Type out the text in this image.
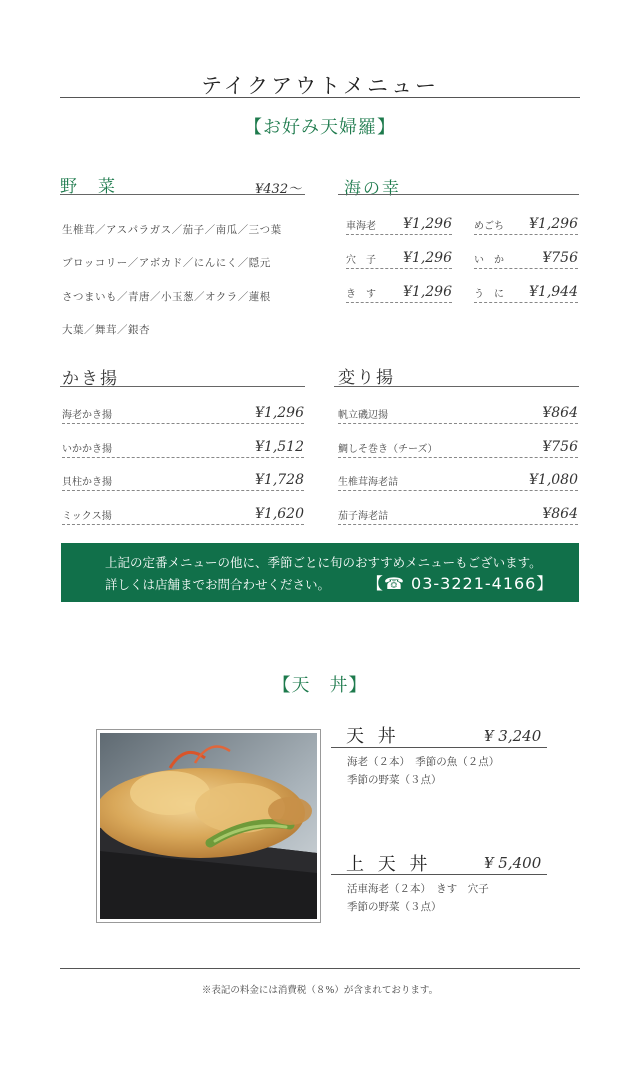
テイクアウトメニュー
【お好み天婦羅】
野　菜	¥432〜
生椎茸／アスパラガス／茄子／南瓜／三つ葉
ブロッコリー／アボカド／にんにく／隠元
さつまいも／青唐／小玉葱／オクラ／蓮根
大葉／舞茸／銀杏
海の幸
車海老 ¥1,296 めごち ¥1,296
穴　子 ¥1,296 い　か	¥756
き　す ¥1,296 う　に ¥1,944
かき揚
海老かき揚	¥1,296
いかかき揚	¥1,512
貝柱かき揚	¥1,728
ミックス揚	¥1,620
変り揚
帆立磯辺揚	¥864
鯛しそ巻き（チーズ）	¥756
生椎茸海老詰	¥1,080
茄子海老詰	¥864
上記の定番メニューの他に、季節ごとに旬のおすすめメニューもございます。
詳しくは店舗までお問合わせください。 【☎ 03-3221-4166】
【天　丼】
天 丼	¥ 3,240
海老（２本）　季節の魚（２点）
季節の野菜（３点）
上 天 丼	¥ 5,400
活車海老（２本）　きす　穴子
季節の野菜（３点）
※表記の料金には消費税（８%）が含まれております。
